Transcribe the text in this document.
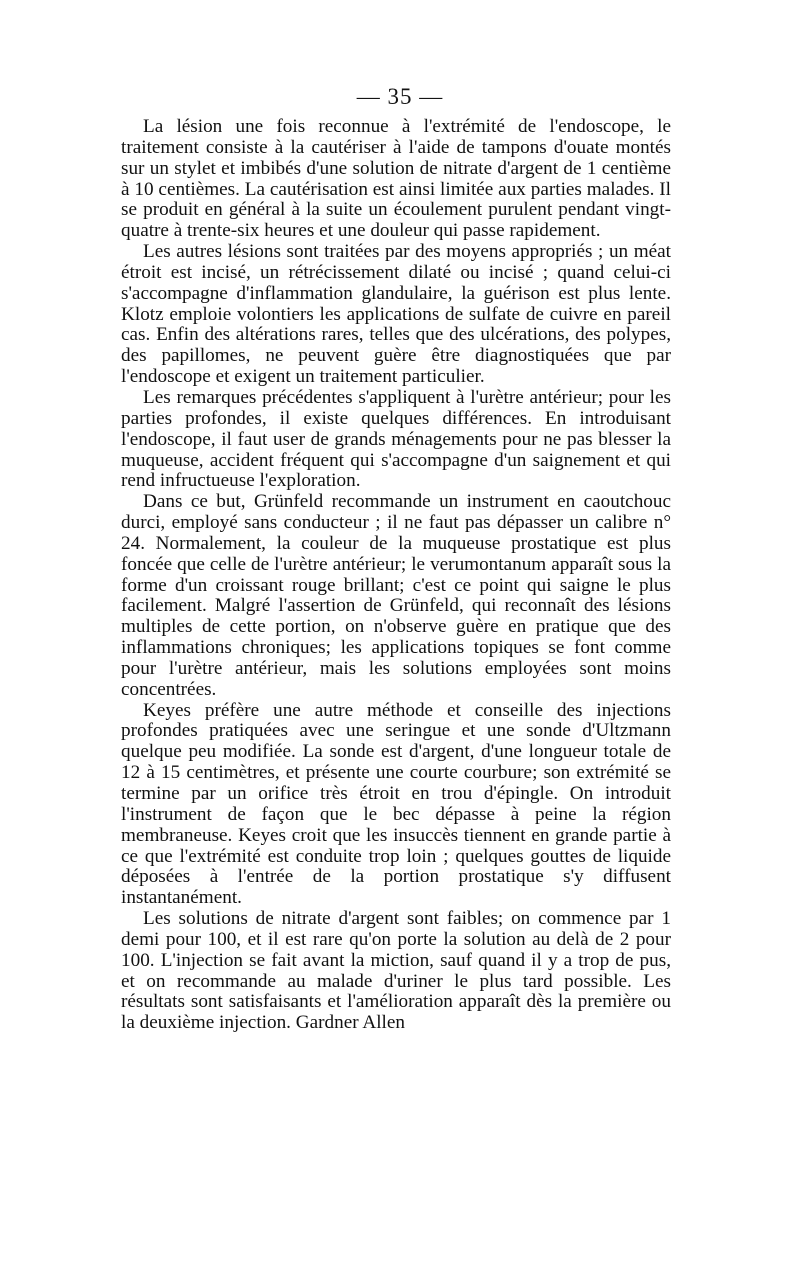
— 35 —

La lésion une fois reconnue à l'extrémité de l'endoscope, le traitement consiste à la cautériser à l'aide de tampons d'ouate montés sur un stylet et imbibés d'une solution de nitrate d'argent de 1 centième à 10 centièmes. La cautérisation est ainsi limitée aux parties malades. Il se produit en général à la suite un écoulement purulent pendant vingt-quatre à trente-six heures et une douleur qui passe rapidement.

Les autres lésions sont traitées par des moyens appropriés ; un méat étroit est incisé, un rétrécissement dilaté ou incisé ; quand celui-ci s'accompagne d'inflammation glandulaire, la guérison est plus lente. Klotz emploie volontiers les applications de sulfate de cuivre en pareil cas. Enfin des altérations rares, telles que des ulcérations, des polypes, des papillomes, ne peuvent guère être diagnostiquées que par l'endoscope et exigent un traitement particulier.

Les remarques précédentes s'appliquent à l'urètre antérieur; pour les parties profondes, il existe quelques différences. En introduisant l'endoscope, il faut user de grands ménagements pour ne pas blesser la muqueuse, accident fréquent qui s'accompagne d'un saignement et qui rend infructueuse l'exploration.

Dans ce but, Grünfeld recommande un instrument en caoutchouc durci, employé sans conducteur ; il ne faut pas dépasser un calibre n° 24. Normalement, la couleur de la muqueuse prostatique est plus foncée que celle de l'urètre antérieur; le verumontanum apparaît sous la forme d'un croissant rouge brillant; c'est ce point qui saigne le plus facilement. Malgré l'assertion de Grünfeld, qui reconnaît des lésions multiples de cette portion, on n'observe guère en pratique que des inflammations chroniques; les applications topiques se font comme pour l'urètre antérieur, mais les solutions employées sont moins concentrées.

Keyes préfère une autre méthode et conseille des injections profondes pratiquées avec une seringue et une sonde d'Ultzmann quelque peu modifiée. La sonde est d'argent, d'une longueur totale de 12 à 15 centimètres, et présente une courte courbure; son extrémité se termine par un orifice très étroit en trou d'épingle. On introduit l'instrument de façon que le bec dépasse à peine la région membraneuse. Keyes croit que les insuccès tiennent en grande partie à ce que l'extrémité est conduite trop loin ; quelques gouttes de liquide déposées à l'entrée de la portion prostatique s'y diffusent instantanément.

Les solutions de nitrate d'argent sont faibles; on commence par 1 demi pour 100, et il est rare qu'on porte la solution au delà de 2 pour 100. L'injection se fait avant la miction, sauf quand il y a trop de pus, et on recommande au malade d'uriner le plus tard possible. Les résultats sont satisfaisants et l'amélioration apparaît dès la première ou la deuxième injection. Gardner Allen
